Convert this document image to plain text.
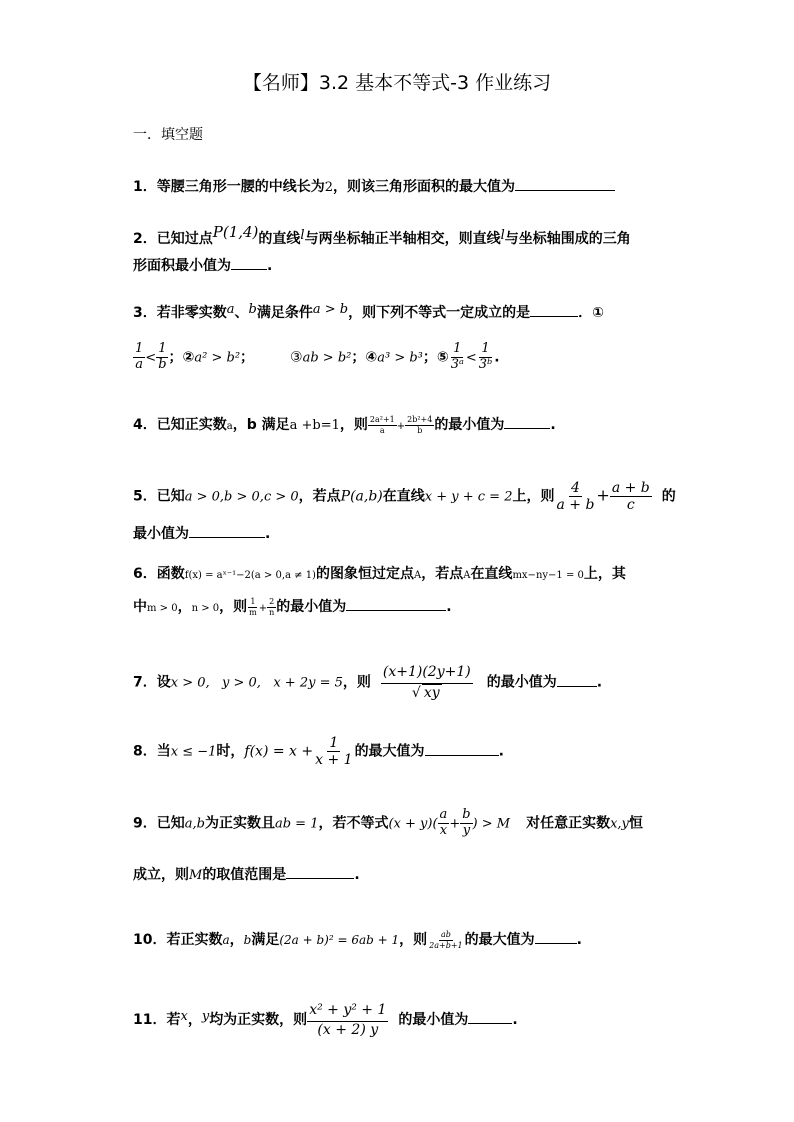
【名师】3.2 基本不等式-3 作业练习
一．填空题
1．等腰三角形一腰的中线长为2，则该三角形面积的最大值为
2．已知过点P(1,4)的直线l与两坐标轴正半轴相交，则直线l与坐标轴围成的三角
形面积最小值为	.
3．若非零实数a、b满足条件a > b，则下列不等式一定成立的是	．①
$\frac{1}{a} < \frac{1}{b}$ ；②a² > b²；	③ab > b²；④a³ > b³；⑤ $\frac{1}{\text{3ᵃ}} < \frac{1}{\text{3ᵇ}}$ .
4．已知正实数a，b 满足a +b=1，则 $\frac{\text{2a²+1}}{a} + \frac{\text{2b²+4}}{b}$ 的最小值为	.
5．已知a > 0,b > 0,c > 0，若点P(a,b)在直线x + y + c = 2上，则 $\frac{4}{a + b} + \frac{a + b}{c}$ 的
最小值为	.
6．函数f(x) = aˣ⁻¹−2(a > 0,a ≠ 1)的图象恒过定点A，若点A在直线mx−ny−1 = 0上，其
中m > 0，n > 0，则 $\frac{1}{m} + \frac{2}{n}$ 的最小值为	.
7．设x > 0,   y > 0,   x + 2y = 5，则 $\frac{(x+1)(2y+1)}{√ xy}$ 的最小值为	.
8．当x ≤ −1时，$f(x) = x + \frac{1}{x + 1}$ 的最大值为	.
9．已知a,b为正实数且ab = 1，若不等式$(x + y)( \frac{a}{x} + \frac{b}{y}$ ) > M 对任意正实数x,y恒
成立，则M的取值范围是	.
10．若正实数a，b满足(2a + b)² = 6ab + 1，则 $\frac{ab}{2a+b+1}$ 的最大值为	.
11．若x，y均为正实数，则 $\frac{\text{x² + y² + 1}}{(x + 2) y}$ 的最小值为	.
